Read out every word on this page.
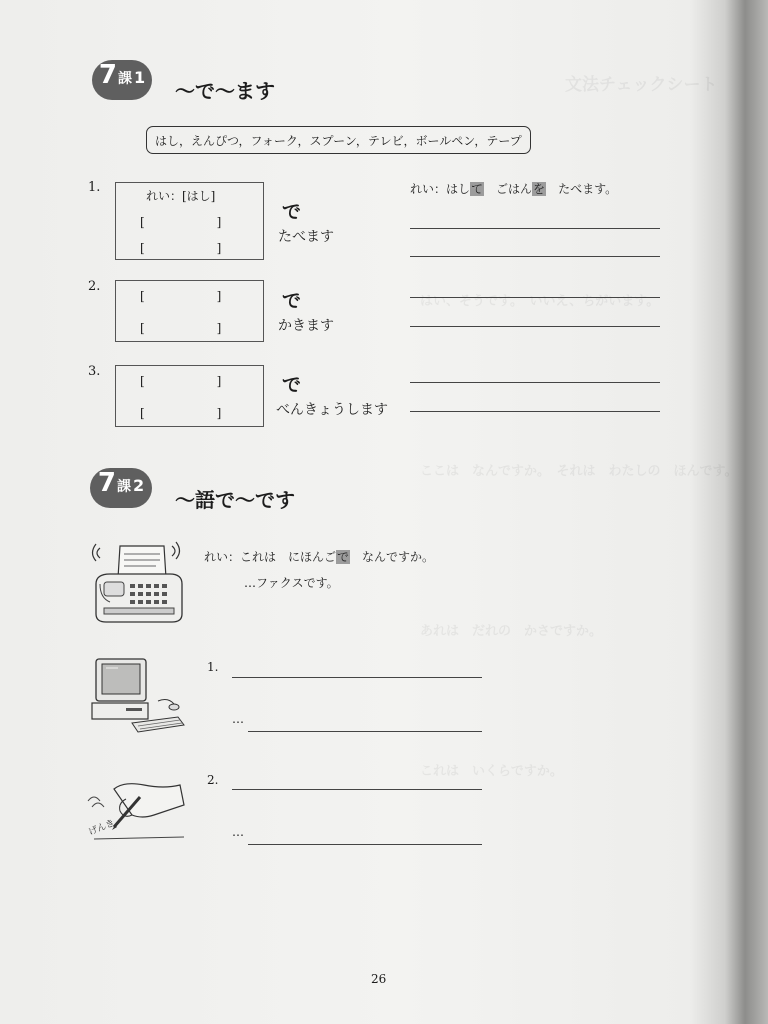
文法チェックシート
はい、そうです。　いいえ、ちがいます。
ここは　なんですか。　それは　わたしの　ほんです。
あれは　だれの　かさですか。
これは　いくらですか。
7 課 1
～で～ます
はし，えんぴつ，フォーク，スプーン，テレビ，ボールペン，テープ
れい：はして　ごはんを　たべます。
1.
れい：[はし]
[　　　　　　]
[　　　　　　]
で
たべます
2.
[　　　　　　]
[　　　　　　]
で
かきます
3.
[　　　　　　]
[　　　　　　]
で
べんきょうします
7 課 2
～語で～です
れい：これは　にほんごで　なんですか。
…ファクスです。
1.
…
げんき
2.
…
26
